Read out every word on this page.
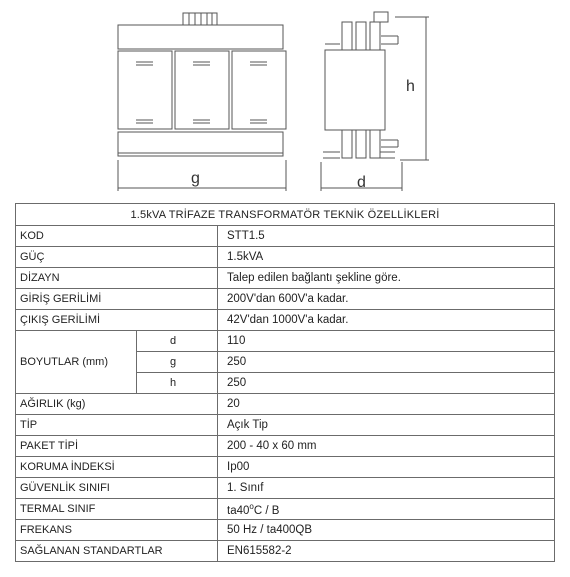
g
h
d
1.5kVA TRİFAZE TRANSFORMATÖR TEKNİK ÖZELLİKLERİ		
KOD		STT1.5
GÜÇ		1.5kVA
DİZAYN		Talep edilen bağlantı şekline göre.
GİRİŞ GERİLİMİ		200V'dan 600V'a kadar.
ÇIKIŞ GERİLİMİ		42V'dan 1000V'a kadar.
BOYUTLAR (mm)	d	110
	g	250
	h	250
AĞIRLIK (kg)		20
TİP		Açık Tip
PAKET TİPİ		200 - 40 x 60 mm
KORUMA İNDEKSİ		Ip00
GÜVENLİK SINIFI		1. Sınıf
TERMAL SINIF		ta40$^o$C / B
FREKANS		50 Hz / ta400QB
SAĞLANAN STANDARTLAR		EN615582-2
